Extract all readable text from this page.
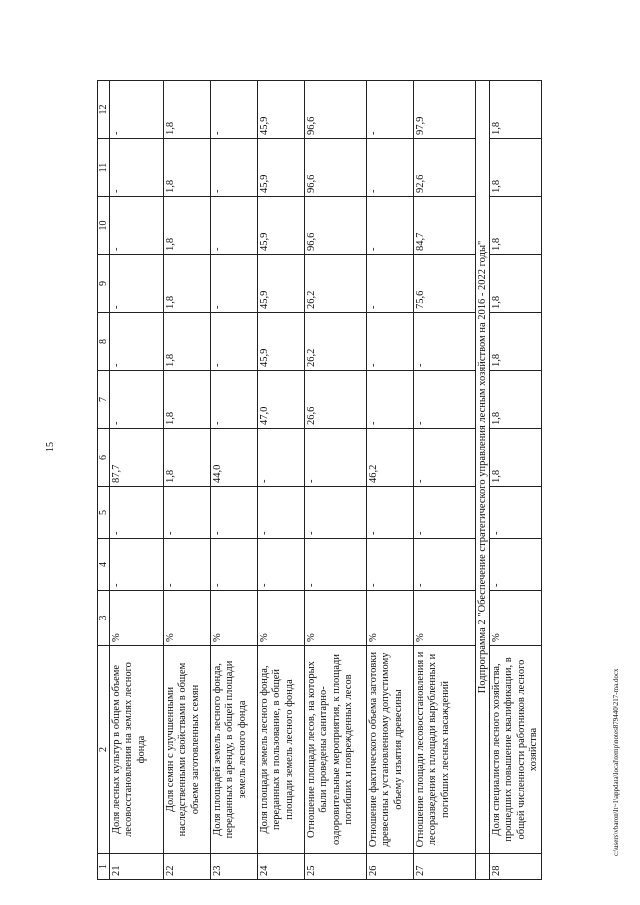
15
1	2	3	4	5	6	7	8	9	10	11	12
21	Доля лесных культур в общем объеме лесовосстановления на землях лесного фонда	%	-	-	87,7	-	-	-	-	-	-
22	Доля семян с улучшенными наследственными свойствами в общем объеме заготовленных семян	%	-	-	1,8	1,8	1,8	1,8	1,8	1,8	1,8
23	Доля площадей земель лесного фонда, переданных в аренду, в общей площади земель лесного фонда	%	-	-	44,0	-	-	-	-	-	-
24	Доля площади земель лесного фонда, переданных в пользование, в общей площади земель лесного фонда	%	-	-	-	47,0	45,9	45,9	45,9	45,9	45,9
25	Отношение площади лесов, на которых были проведены санитарно-оздоровительные мероприятия, к площади погибших и поврежденных лесов	%	-	-	-	26,6	26,2	26,2	96,6	96,6	96,6
26	Отношение фактического объема заготовки древесины к установленному допустимому объему изъятия древесины	%	-	-	46,2	-	-	-	-	-	-
27	Отношение площади лесовосстановления и лесоразведения к площади вырубленных и погибших лесных насаждений	%	-	-	-	-	-	75,6	84,7	92,6	97,9
	Подпрограмма 2 "Обеспечение стратегического управления лесным хозяйством на 2016 - 2022 годы"										
28	Доля специалистов лесного хозяйства, прошедших повышение квалификации, в общей численности работников лесного хозяйства	%	-	-	1,8	1,8	1,8	1,8	1,8	1,8	1,8
c:\users\vbaron\lt~1\appdata\local\temp\notes879440\217-ma.docx
